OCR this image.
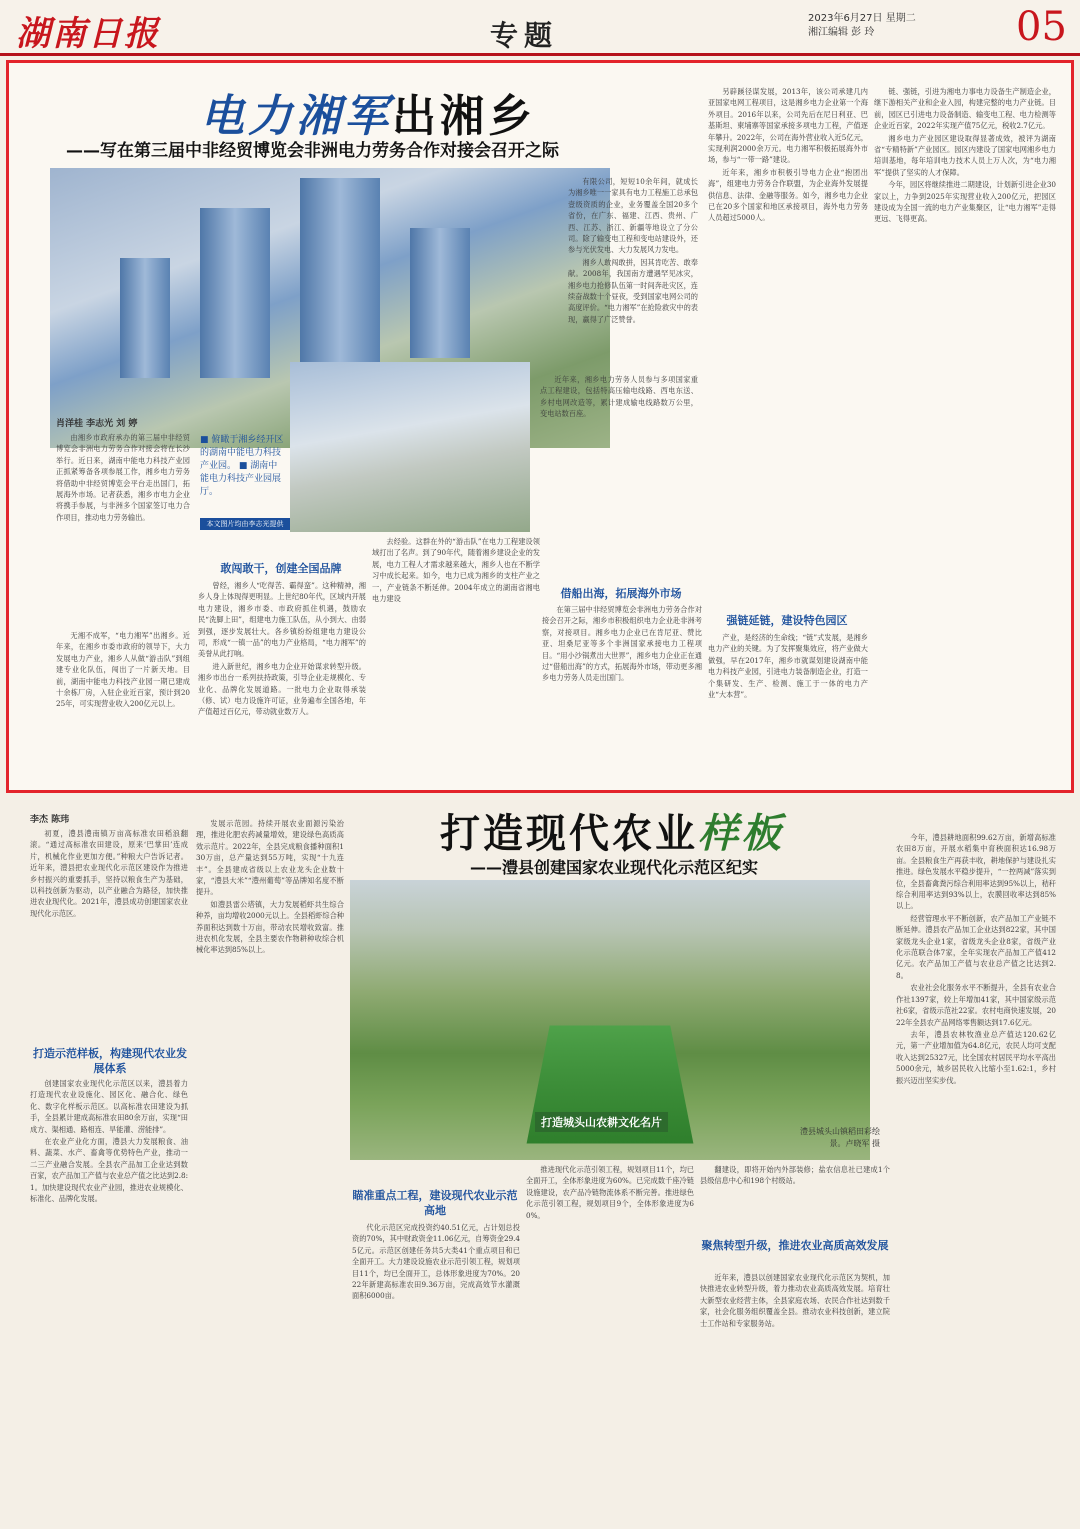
湖南日报	专题
2023年6月27日 星期二
湘江编辑 彭 玲	05
电力湘军出湘乡
——写在第三届中非经贸博览会非洲电力劳务合作对接会召开之际
■ 俯瞰于湘乡经开区的湖南中能电力科技产业园。 ■ 湖南中能电力科技产业园展厅。
本文图片均由李志光提供
肖洋桂 李志光 刘 婷

由湘乡市政府承办的第三届中非经贸博览会非洲电力劳务合作对接会将在长沙举行。近日来，湖南中能电力科技产业园正抓紧筹备各项参展工作，湘乡电力劳务将借助中非经贸博览会平台走出国门，拓展海外市场。记者获悉，湘乡市电力企业将携手参展，与非洲多个国家签订电力合作项目，推动电力劳务输出。

无湘不成军，“电力湘军”出湘乡。近年来，在湘乡市委市政府的领导下，大力发展电力产业，湘乡人从做“游击队”到组建专业化队伍，闯出了一片新天地。目前，湖南中能电力科技产业园一期已建成十余栋厂房，入驻企业近百家，预计到2025年，可实现营业收入200亿元以上。

敢闯敢干，创建全国品牌

曾经，湘乡人“吃得苦、霸得蛮”。这种精神，湘乡人身上体现得更明显。上世纪80年代，区域内开展电力建设，湘乡市委、市政府抓住机遇，鼓励农民“洗脚上田”，组建电力施工队伍，从小到大、由弱到强，逐步发展壮大。各乡镇纷纷组建电力建设公司，形成“一镇一品”的电力产业格局，“电力湘军”的美誉从此打响。

进入新世纪，湘乡电力企业开始谋求转型升级。湘乡市出台一系列扶持政策，引导企业走规模化、专业化、品牌化发展道路。一批电力企业取得承装（修、试）电力设施许可证，业务遍布全国各地，年产值超过百亿元，带动就业数万人。

有限公司，短短10余年间，就成长为湘乡唯一一家具有电力工程施工总承包壹级资质的企业，业务覆盖全国20多个省份，在广东、福建、江西、贵州、广西、江苏、浙江、新疆等地设立了分公司。除了输变电工程和变电站建设外，还参与光伏发电、大力发展风力发电。

湘乡人敢闯敢拼，因其肯吃苦、敢奉献。2008年，我国南方遭遇罕见冰灾，湘乡电力抢修队伍第一时间奔赴灾区，连续奋战数十个昼夜，受到国家电网公司的高度评价。“电力湘军”在抢险救灾中的表现，赢得了广泛赞誉。

近年来，湘乡电力劳务人员参与多项国家重点工程建设，包括特高压输电线路、西电东送、乡村电网改造等，累计建成输电线路数万公里，变电站数百座。

去经验。这群在外的“游击队”在电力工程建设领域打出了名声。到了90年代，随着湘乡建设企业的发展，电力工程人才需求越来越大，湘乡人也在不断学习中成长起来。如今，电力已成为湘乡的支柱产业之一，产业链条不断延伸。2004年成立的湖南省湘电电力建设	借船出海，拓展海外市场

在第三届中非经贸博览会非洲电力劳务合作对接会召开之际，湘乡市积极组织电力企业赴非洲考察，对接项目。湘乡电力企业已在肯尼亚、赞比亚、坦桑尼亚等多个非洲国家承接电力工程项目。“用小沙锅煮出大世界”，湘乡电力企业正在通过“借船出海”的方式，拓展海外市场，带动更多湘乡电力劳务人员走出国门。

另辟蹊径谋发展，2013年，该公司承建几内亚国家电网工程项目，这是湘乡电力企业第一个海外项目。2016年以来，公司先后在尼日利亚、巴基斯坦、柬埔寨等国家承接多项电力工程，产值逐年攀升。2022年，公司在海外营业收入近5亿元，实现利润2000余万元。电力湘军积极拓展海外市场，参与“一带一路”建设。

近年来，湘乡市积极引导电力企业“抱团出海”，组建电力劳务合作联盟，为企业海外发展提供信息、法律、金融等服务。如今，湘乡电力企业已在20多个国家和地区承接项目，海外电力劳务人员超过5000人。

强链延链，建设特色园区

产业，是经济的生命线；“链”式发展，是湘乡电力产业的关键。为了发挥聚集效应，将产业做大做强，早在2017年，湘乡市就谋划建设湖南中能电力科技产业园，引进电力装备制造企业，打造一个集研发、生产、检测、施工于一体的电力产业“大本营”。

链、强链，引进为湘电力事电力设备生产制造企业，继下游相关产业和企业入园，构建完整的电力产业链。目前，园区已引进电力设备制造、输变电工程、电力检测等企业近百家，2022年实现产值75亿元，税收2.7亿元。

湘乡电力产业园区建设取得显著成效，被评为湖南省“专精特新”产业园区。园区内建设了国家电网湘乡电力培训基地，每年培训电力技术人员上万人次，为“电力湘军”提供了坚实的人才保障。

今年，园区将继续推进二期建设，计划新引进企业30家以上，力争到2025年实现营业收入200亿元，把园区建设成为全国一流的电力产业集聚区，让“电力湘军”走得更远、飞得更高。

李杰 陈玮	打造现代农业样板
——澧县创建国家农业现代化示范区纪实
打造城头山农耕文化名片
澧县城头山镇稻田彩绘景。卢晓军 摄

初夏，澧县澧南镇万亩高标准农田稻浪翻滚。“通过高标准农田建设，原来‘巴掌田’连成片，机械化作业更加方便。”种粮大户告诉记者。近年来，澧县把农业现代化示范区建设作为推进乡村振兴的重要抓手，坚持以粮食生产为基础，以科技创新为驱动，以产业融合为路径，加快推进农业现代化。2021年，澧县成功创建国家农业现代化示范区。

打造示范样板，构建现代农业发展体系

创建国家农业现代化示范区以来，澧县着力打造现代农业设施化、园区化、融合化、绿色化、数字化样板示范区。以高标准农田建设为抓手，全县累计建成高标准农田80余万亩，实现“田成方、渠相通、路相连、旱能灌、涝能排”。

在农业产业化方面，澧县大力发展粮食、油料、蔬菜、水产、畜禽等优势特色产业，推动一二三产业融合发展。全县农产品加工企业达到数百家，农产品加工产值与农业总产值之比达到2.8:1。加快建设现代农业产业园，推进农业规模化、标准化、品牌化发展。

发展示范园。持续开展农业面源污染治理，推进化肥农药减量增效，建设绿色高质高效示范片。2022年，全县完成粮食播种面积130万亩，总产量达到55万吨，实现“十九连丰”。全县建成省级以上农业龙头企业数十家，“澧县大米”“澧州葡萄”等品牌知名度不断提升。

如澧县雷公塔镇，大力发展稻虾共生综合种养，亩均增收2000元以上。全县稻虾综合种养面积达到数十万亩，带动农民增收致富。推进农机化发展，全县主要农作物耕种收综合机械化率达到85%以上。

瞄准重点工程，建设现代农业示范高地

代化示范区完成投资约40.51亿元，占计划总投资的70%，其中财政资金11.06亿元，自筹资金29.45亿元。示范区创建任务共5大类41个重点项目和已全面开工。大力建设设施农业示范引领工程，规划项目11个，均已全面开工，总体形象进度为70%。2022年新建高标准农田9.36万亩，完成高效节水灌溉面积6000亩。

推进现代化示范引领工程，规划项目11个，均已全面开工，全体形象进度为60%。已完成数千座冷链设施建设，农产品冷链物流体系不断完善。推进绿色化示范引领工程，规划项目9个，全体形象进度为60%。

翻建设，即将开始内外部装修；盐农信息社已建成1个县级信息中心和198个村级站。

聚焦转型升级，推进农业高质高效发展

近年来，澧县以创建国家农业现代化示范区为契机，加快推进农业转型升级，着力推动农业高质高效发展。培育壮大新型农业经营主体，全县家庭农场、农民合作社达到数千家，社会化服务组织覆盖全县。推动农业科技创新，建立院士工作站和专家服务站。

今年，澧县耕地面积99.62万亩，新增高标准农田8万亩，开展水稻集中育秧面积达16.98万亩。全县粮食生产再获丰收，耕地保护与建设扎实推进。绿色发展水平稳步提升，“一控两减”落实到位，全县畜禽粪污综合利用率达到95%以上，秸秆综合利用率达到93%以上，农膜回收率达到85%以上。

经营管理水平不断创新，农产品加工产业链不断延伸。澧县农产品加工企业达到822家，其中国家级龙头企业1家，省级龙头企业8家，省级产业化示范联合体7家，全年实现农产品加工产值412亿元。农产品加工产值与农业总产值之比达到2.8。

农业社会化服务水平不断提升，全县有农业合作社1397家，较上年增加41家，其中国家级示范社6家，省级示范社22家。农村电商快速发展，2022年全县农产品网络零售额达到17.6亿元。

去年，澧县农林牧渔业总产值达120.62亿元，第一产业增加值为64.8亿元，农民人均可支配收入达到25327元，比全国农村居民平均水平高出5000余元，城乡居民收入比缩小至1.62:1，乡村振兴迈出坚实步伐。
